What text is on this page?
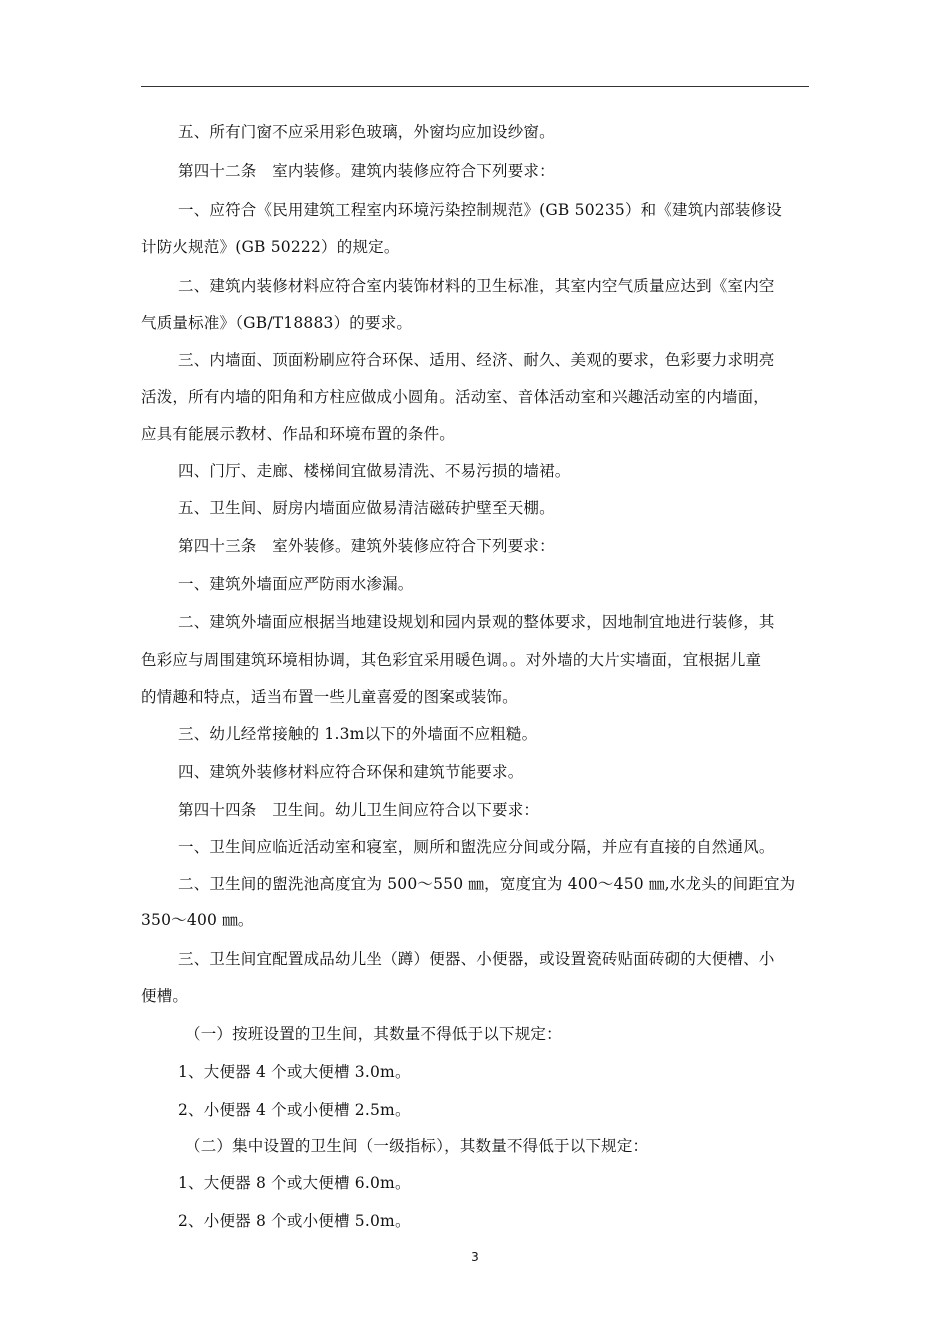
五、所有门窗不应采用彩色玻璃，外窗均应加设纱窗。
第四十二条　室内装修。建筑内装修应符合下列要求：
一、应符合《民用建筑工程室内环境污染控制规范》(GB 50235）和《建筑内部装修设
计防火规范》(GB 50222）的规定。
二、建筑内装修材料应符合室内装饰材料的卫生标准，其室内空气质量应达到《室内空
气质量标准》（GB/T18883）的要求。
三、内墙面、顶面粉刷应符合环保、适用、经济、耐久、美观的要求，色彩要力求明亮
活泼，所有内墙的阳角和方柱应做成小圆角。活动室、音体活动室和兴趣活动室的内墙面，
应具有能展示教材、作品和环境布置的条件。
四、门厅、走廊、楼梯间宜做易清洗、不易污损的墙裙。
五、卫生间、厨房内墙面应做易清洁磁砖护壁至天棚。
第四十三条　室外装修。建筑外装修应符合下列要求：
一、建筑外墙面应严防雨水渗漏。
二、建筑外墙面应根据当地建设规划和园内景观的整体要求，因地制宜地进行装修，其
色彩应与周围建筑环境相协调，其色彩宜采用暖色调。。对外墙的大片实墙面，宜根据儿童
的情趣和特点，适当布置一些儿童喜爱的图案或装饰。
三、幼儿经常接触的 1.3m以下的外墙面不应粗糙。
四、建筑外装修材料应符合环保和建筑节能要求。
第四十四条　卫生间。幼儿卫生间应符合以下要求：
一、卫生间应临近活动室和寝室，厕所和盥洗应分间或分隔，并应有直接的自然通风。
二、卫生间的盥洗池高度宜为 500～550 ㎜，宽度宜为 400～450 ㎜,水龙头的间距宜为
350～400 ㎜。
三、卫生间宜配置成品幼儿坐（蹲）便器、小便器，或设置瓷砖贴面砖砌的大便槽、小
便槽。
（一）按班设置的卫生间，其数量不得低于以下规定：
1、大便器 4 个或大便槽 3.0m。
2、小便器 4 个或小便槽 2.5m。
（二）集中设置的卫生间（一级指标），其数量不得低于以下规定：
1、大便器 8 个或大便槽 6.0m。
2、小便器 8 个或小便槽 5.0m。
3
